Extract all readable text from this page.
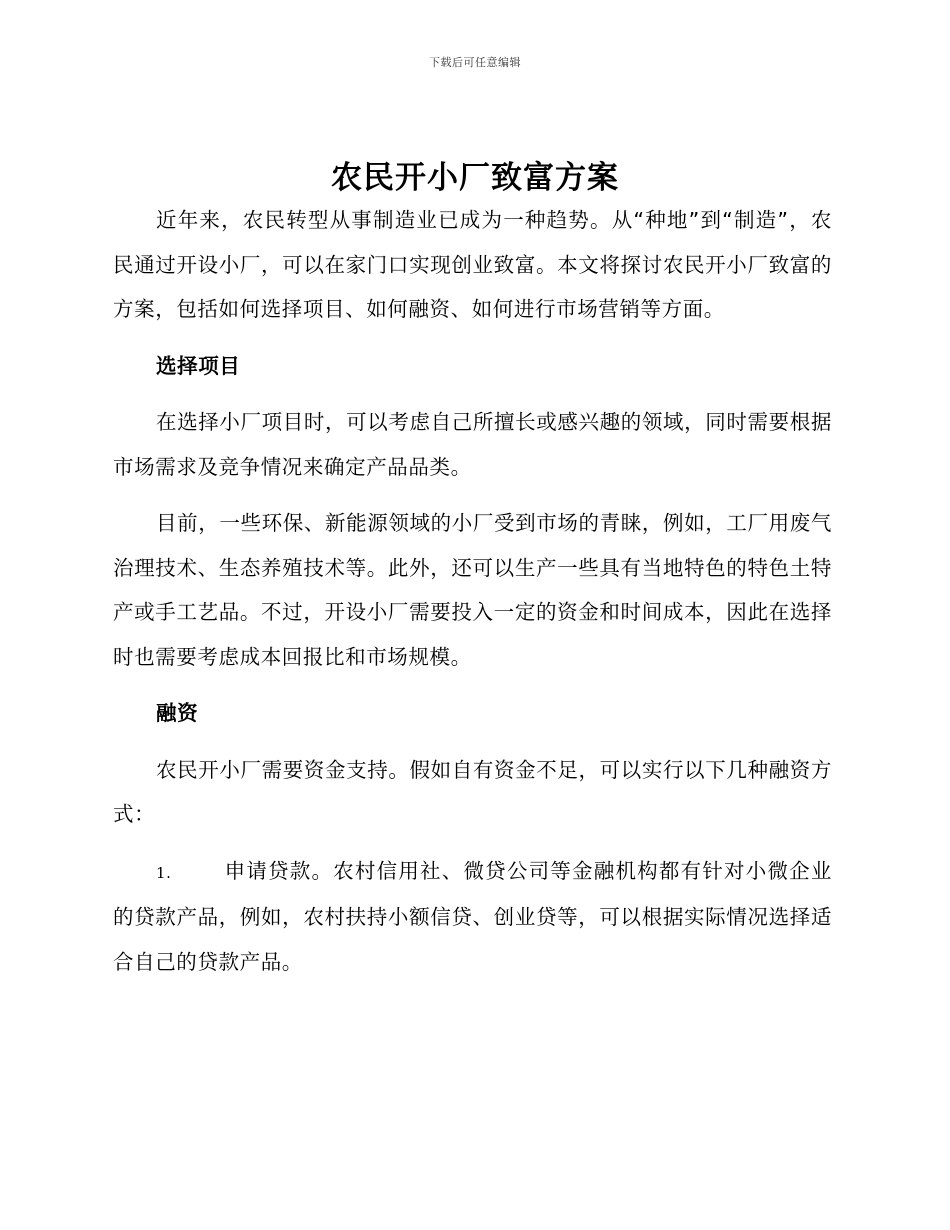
下载后可任意编辑
农民开小厂致富方案

近年来，农民转型从事制造业已成为一种趋势。从“种地”到“制造”，农民通过开设小厂，可以在家门口实现创业致富。本文将探讨农民开小厂致富的方案，包括如何选择项目、如何融资、如何进行市场营销等方面。

选择项目

在选择小厂项目时，可以考虑自己所擅长或感兴趣的领域，同时需要根据市场需求及竞争情况来确定产品品类。

目前，一些环保、新能源领域的小厂受到市场的青睐，例如，工厂用废气治理技术、生态养殖技术等。此外，还可以生产一些具有当地特色的特色土特产或手工艺品。不过，开设小厂需要投入一定的资金和时间成本，因此在选择时也需要考虑成本回报比和市场规模。

融资

农民开小厂需要资金支持。假如自有资金不足，可以实行以下几种融资方式：

1.	申请贷款。农村信用社、微贷公司等金融机构都有针对小微企业的贷款产品，例如，农村扶持小额信贷、创业贷等，可以根据实际情况选择适合自己的贷款产品。
